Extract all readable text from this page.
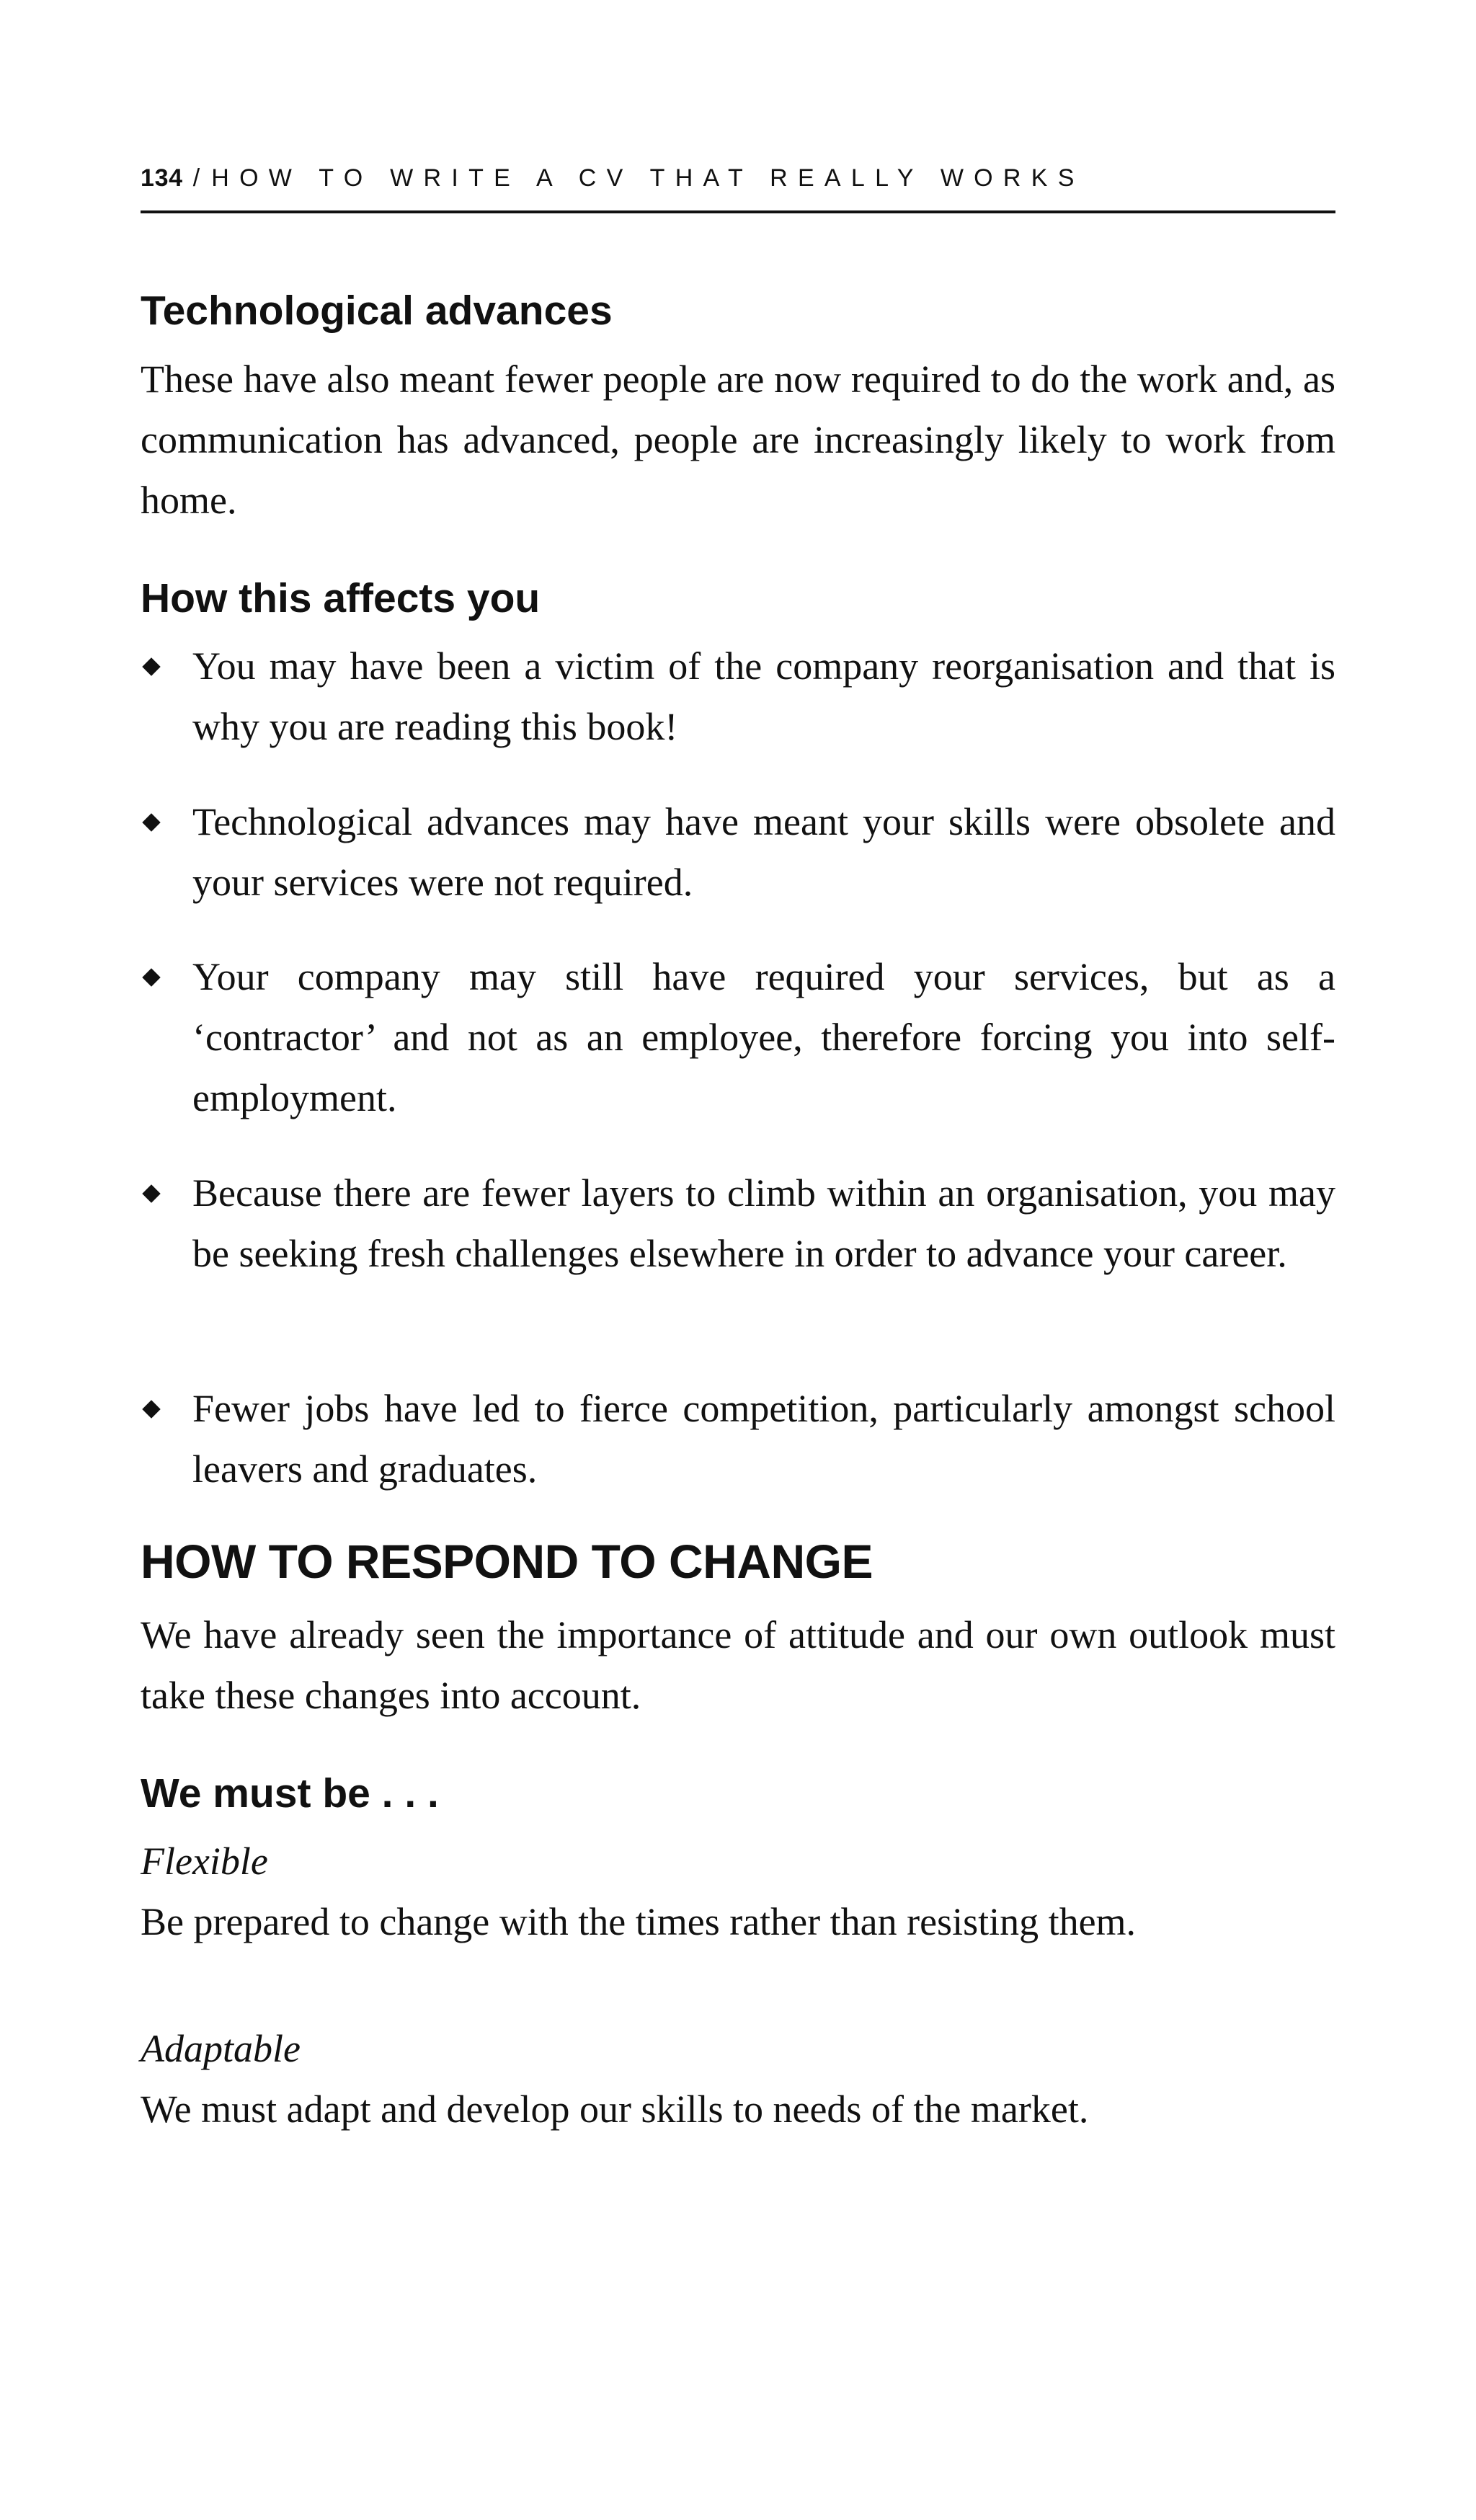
134 / HOW TO WRITE A CV THAT REALLY WORKS
Technological advances

These have also meant fewer people are now required to do the work and, as communication has advanced, people are increasingly likely to work from home.

How this affects you
You may have been a victim of the company reorganisation and that is why you are reading this book!
Technological advances may have meant your skills were obsolete and your services were not required.
Your company may still have required your services, but as a ‘contractor’ and not as an employee, therefore forcing you into self-employment.
Because there are fewer layers to climb within an organisation, you may be seeking fresh challenges elsewhere in order to advance your career.
Fewer jobs have led to fierce competition, particularly amongst school leavers and graduates.
HOW TO RESPOND TO CHANGE

We have already seen the importance of attitude and our own outlook must take these changes into account.

We must be . . .
Flexible

Be prepared to change with the times rather than resisting them.

Adaptable

We must adapt and develop our skills to needs of the market.
